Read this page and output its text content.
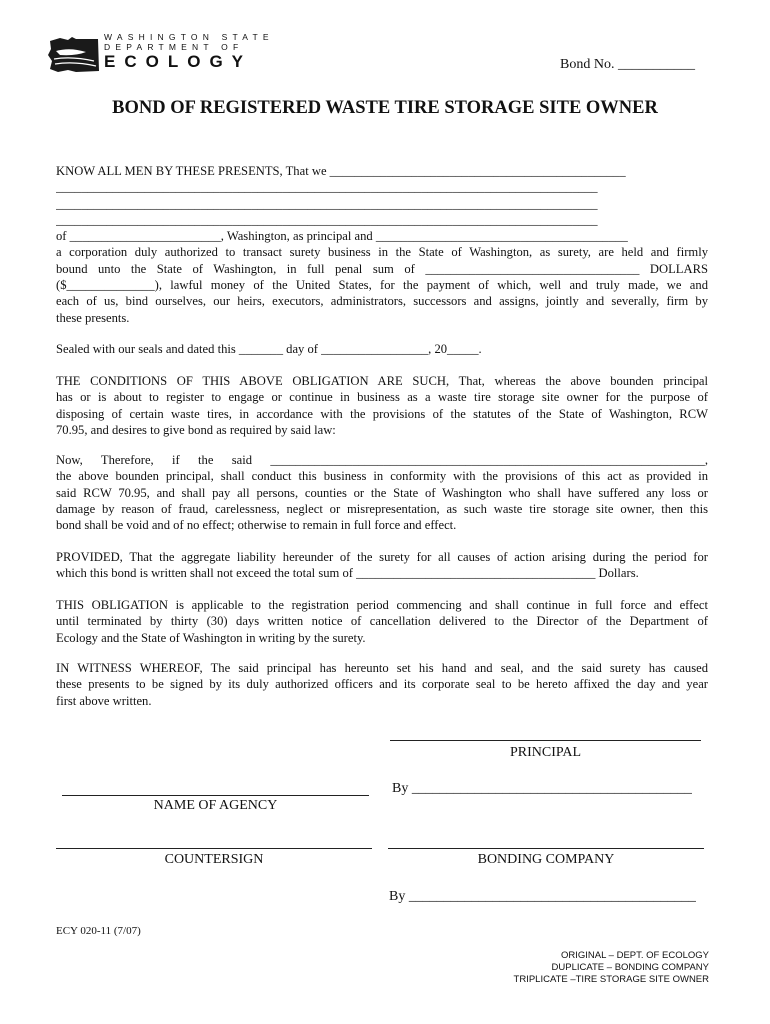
WASHINGTON STATE
DEPARTMENT OF
ECOLOGY	Bond No. ___________
BOND OF REGISTERED WASTE TIRE STORAGE SITE OWNER
KNOW ALL MEN BY THESE PRESENTS, That we _______________________________________________
______________________________________________________________________________________
______________________________________________________________________________________
______________________________________________________________________________________
of ________________________, Washington, as principal and ________________________________________
a corporation duly authorized to transact surety business in the State of Washington, as surety, are held and firmly
bound unto the State of Washington, in full penal sum of __________________________________ DOLLARS
($______________), lawful money of the United States, for the payment of which, well and truly made, we and
each of us, bind ourselves, our heirs, executors, administrators, successors and assigns, jointly and severally, firm by
these presents.
Sealed with our seals and dated this _______ day of _________________, 20_____.
THE CONDITIONS OF THIS ABOVE OBLIGATION ARE SUCH, That, whereas the above bounden principal
has or is about to register to engage or continue in business as a waste tire storage site owner for the purpose of
disposing of certain waste tires, in accordance with the provisions of the statutes of the State of Washington, RCW
70.95, and desires to give bond as required by said law:
Now, Therefore, if the said _____________________________________________________________________,
the above bounden principal, shall conduct this business in conformity with the provisions of this act as provided in
said RCW 70.95, and shall pay all persons, counties or the State of Washington who shall have suffered any loss or
damage by reason of fraud, carelessness, neglect or misrepresentation, as such waste tire storage site owner, then this
bond shall be void and of no effect; otherwise to remain in full force and effect.
PROVIDED, That the aggregate liability hereunder of the surety for all causes of action arising during the period for
which this bond is written shall not exceed the total sum of ______________________________________ Dollars.
THIS OBLIGATION is applicable to the registration period commencing and shall continue in full force and effect
until terminated by thirty (30) days written notice of cancellation delivered to the Director of the Department of
Ecology and the State of Washington in writing by the surety.
IN WITNESS WHEREOF, The said principal has hereunto set his hand and seal, and the said surety has caused
these presents to be signed by its duly authorized officers and its corporate seal to be hereto affixed the day and year
first above written.
PRINCIPAL
By ________________________________________
NAME OF AGENCY
COUNTERSIGN	BONDING COMPANY
By _________________________________________
ECY 020-11 (7/07)
ORIGINAL – DEPT. OF ECOLOGY
DUPLICATE – BONDING COMPANY
TRIPLICATE –TIRE STORAGE SITE OWNER
